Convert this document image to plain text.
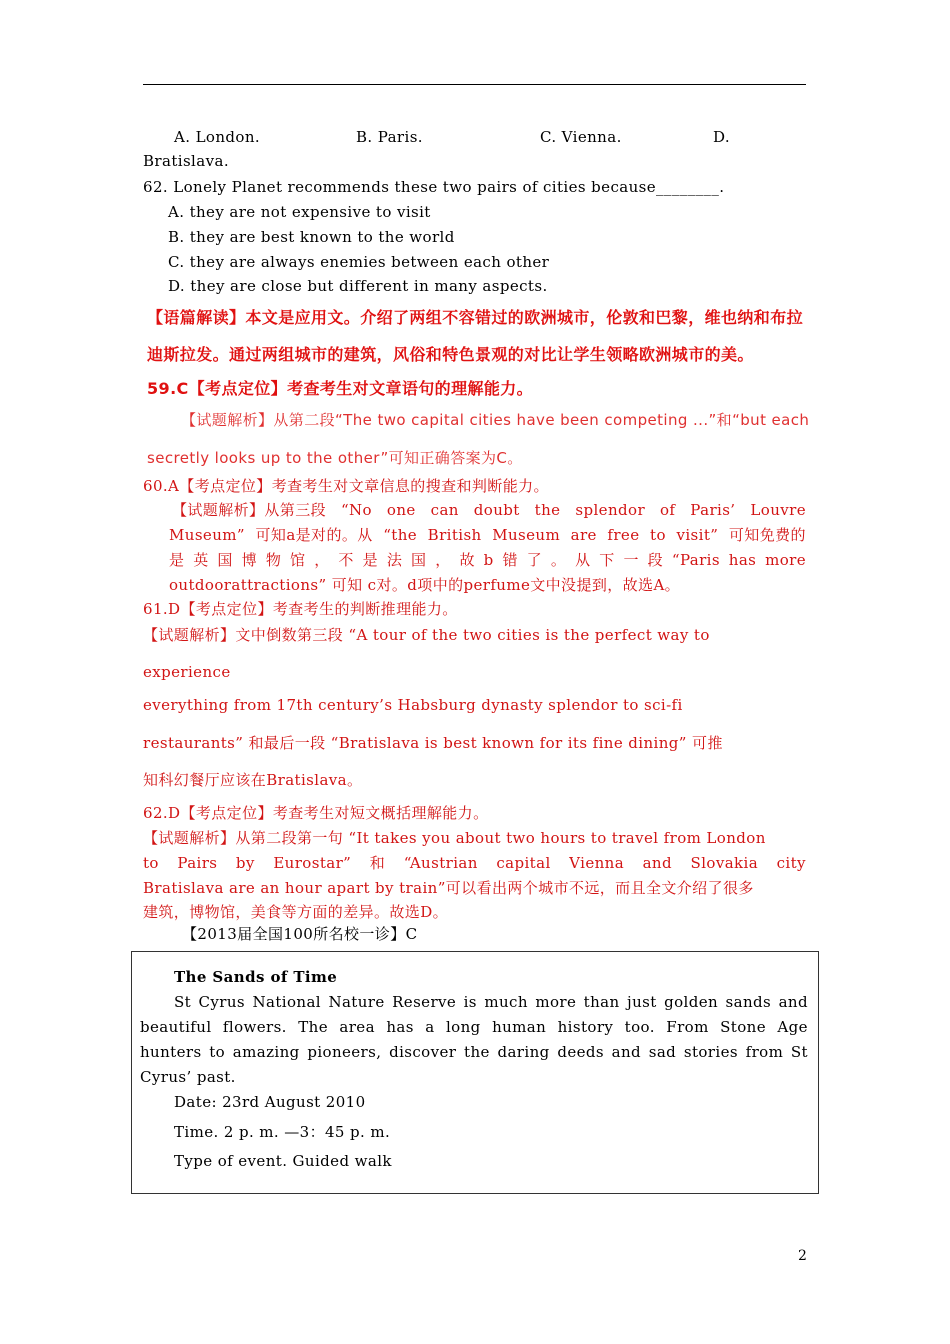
A. London.	B. Paris.	C. Vienna.	D.
Bratislava.
62. Lonely Planet recommends these two pairs of cities because________.
A. they are not expensive to visit
B. they are best known to the world
C. they are always enemies between each other
D. they are close but different in many aspects.
【语篇解读】本文是应用文。介绍了两组不容错过的欧洲城市，伦敦和巴黎，维也纳和布拉
迪斯拉发。通过两组城市的建筑，风俗和特色景观的对比让学生领略欧洲城市的美。
59.C【考点定位】考查考生对文章语句的理解能力。
【试题解析】从第二段“The two capital cities have been competing ...”和“but each
secretly looks up to the other”可知正确答案为C。
60.A【考点定位】考查考生对文章信息的搜查和判断能力。
【试题解析】从第三段 “No one can doubt the splendor of Paris’ Louvre
Museum” 可知a是对的。从 “the British Museum are free to visit” 可知免费的
是 英 国 博 物 馆 ， 不 是 法 国 ， 故 b 错 了 。 从 下 一 段 “Paris has more
outdoorattractions” 可知 c对。d项中的perfume文中没提到，故选A。
61.D【考点定位】考查考生的判断推理能力。
【试题解析】文中倒数第三段 “A tour of the two cities is the perfect way to
experience
everything from 17th century’s Habsburg dynasty splendor to sci-fi
restaurants” 和最后一段 “Bratislava is best known for its fine dining” 可推
知科幻餐厅应该在Bratislava。
62.D【考点定位】考查考生对短文概括理解能力。
【试题解析】从第二段第一句 “It takes you about two hours to travel from London
to Pairs by Eurostar” 和 “Austrian capital Vienna and Slovakia city
Bratislava are an hour apart by train”可以看出两个城市不远，而且全文介绍了很多
建筑，博物馆，美食等方面的差异。故选D。
【2013届全国100所名校一诊】C
The Sands of Time
St Cyrus National Nature Reserve is much more than just golden sands and
beautiful flowers. The area has a long human history too. From Stone Age
hunters to amazing pioneers, discover the daring deeds and sad stories from St
Cyrus’ past.
Date: 23rd August 2010
Time. 2 p. m. —3：45 p. m.
Type of event. Guided walk
2
